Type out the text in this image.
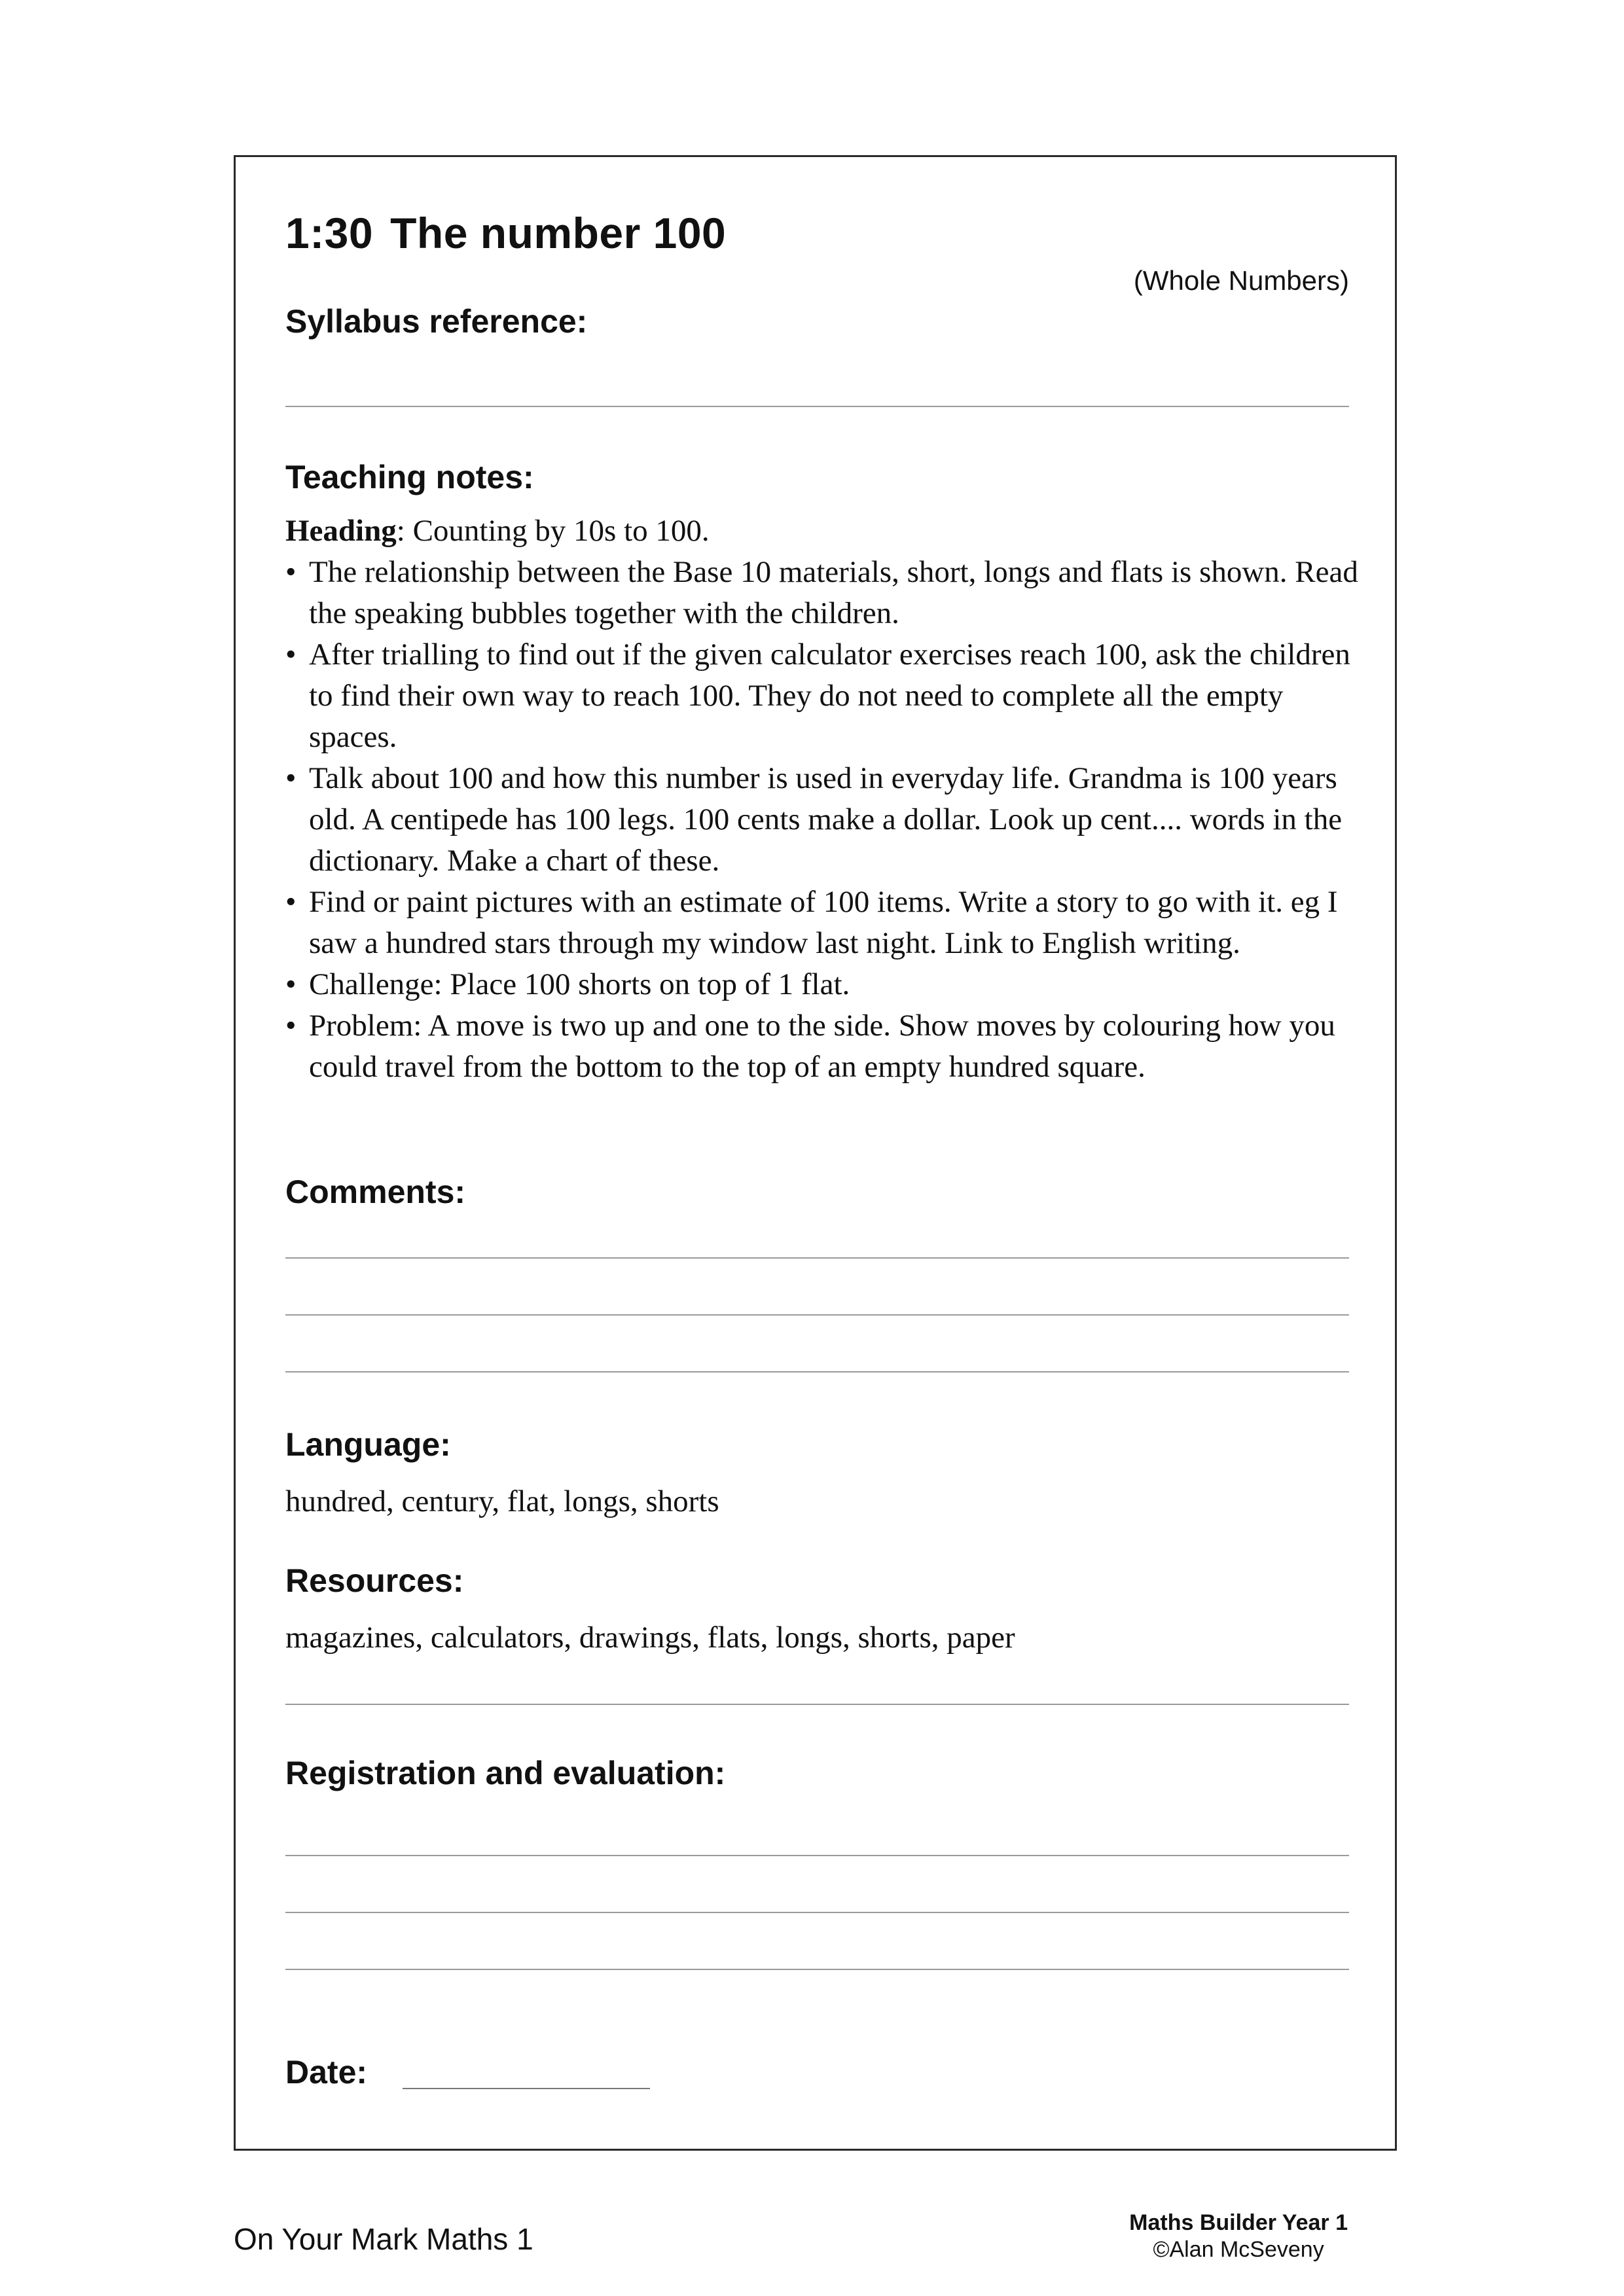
1:30 The number 100
(Whole Numbers)
Syllabus reference:
Teaching notes:
Heading: Counting by 10s to 100.
• The relationship between the Base 10 materials, short, longs and flats is shown. Read the speaking bubbles together with the children.
• After trialling to find out if the given calculator exercises reach 100, ask the children to find their own way to reach 100. They do not need to complete all the empty spaces.
• Talk about 100 and how this number is used in everyday life. Grandma is 100 years old. A centipede has 100 legs. 100 cents make a dollar. Look up cent.... words in the dictionary. Make a chart of these.
• Find or paint pictures with an estimate of 100 items. Write a story to go with it. eg I saw a hundred stars through my window last night. Link to English writing.
• Challenge: Place 100 shorts on top of 1 flat.
• Problem: A move is two up and one to the side. Show moves by colouring how you could travel from the bottom to the top of an empty hundred square.
Comments:
Language:
hundred, century, flat, longs, shorts
Resources:
magazines, calculators, drawings, flats, longs, shorts, paper
Registration and evaluation:
Date:
On Your Mark Maths 1	Maths Builder Year 1
©Alan McSeveny
